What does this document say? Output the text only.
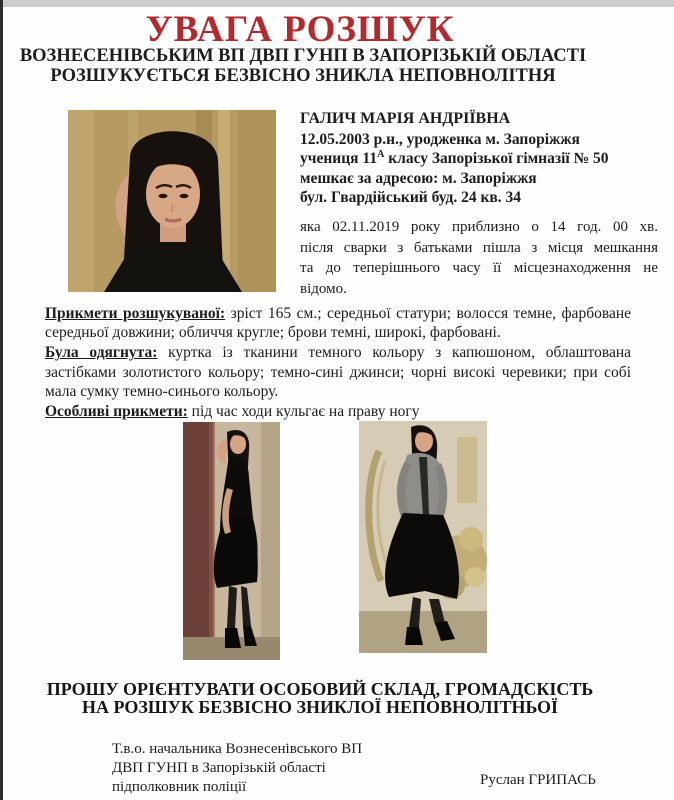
УВАГА РОЗШУК
ВОЗНЕСЕНІВСЬКИМ ВП ДВП ГУНП В ЗАПОРІЗЬКІЙ ОБЛАСТІ
РОЗШУКУЄТЬСЯ БЕЗВІСНО ЗНИКЛА НЕПОВНОЛІТНЯ
ГАЛИЧ МАРІЯ АНДРІЇВНА
12.05.2003 р.н., уродженка м. Запоріжжя
учениця $11^А$ класу Запорізької гімназії № 50
мешкає за адресою: м. Запоріжжя
бул. Гвардійський буд. 24 кв. 34
яка 02.11.2019 року приблизно о 14 год. 00 хв. після сварки з батьками пішла з місця мешкання та до теперішнього часу її місцезнаходження не відомо.

Прикмети розшукуваної: зріст 165 см.; середньої статури; волосся темне, фарбоване середньої довжини; обличчя кругле; брови темні, широкі, фарбовані.

Була одягнута: куртка із тканини темного кольору з капюшоном, облаштована застібками золотистого кольору; темно-сині джинси; чорні високі черевики; при собі мала сумку темно-синього кольору.

Особливі прикмети: під час ходи кульгає на праву ногу

ПРОШУ ОРІЄНТУВАТИ ОСОБОВИЙ СКЛАД, ГРОМАДСКІСТЬ
НА РОЗШУК БЕЗВІСНО ЗНИКЛОЇ НЕПОВНОЛІТНЬОЇ
Т.в.о. начальника Вознесенівського ВП
ДВП ГУНП в Запорізькій області
підполковник поліції	Руслан ГРИПАСЬ
